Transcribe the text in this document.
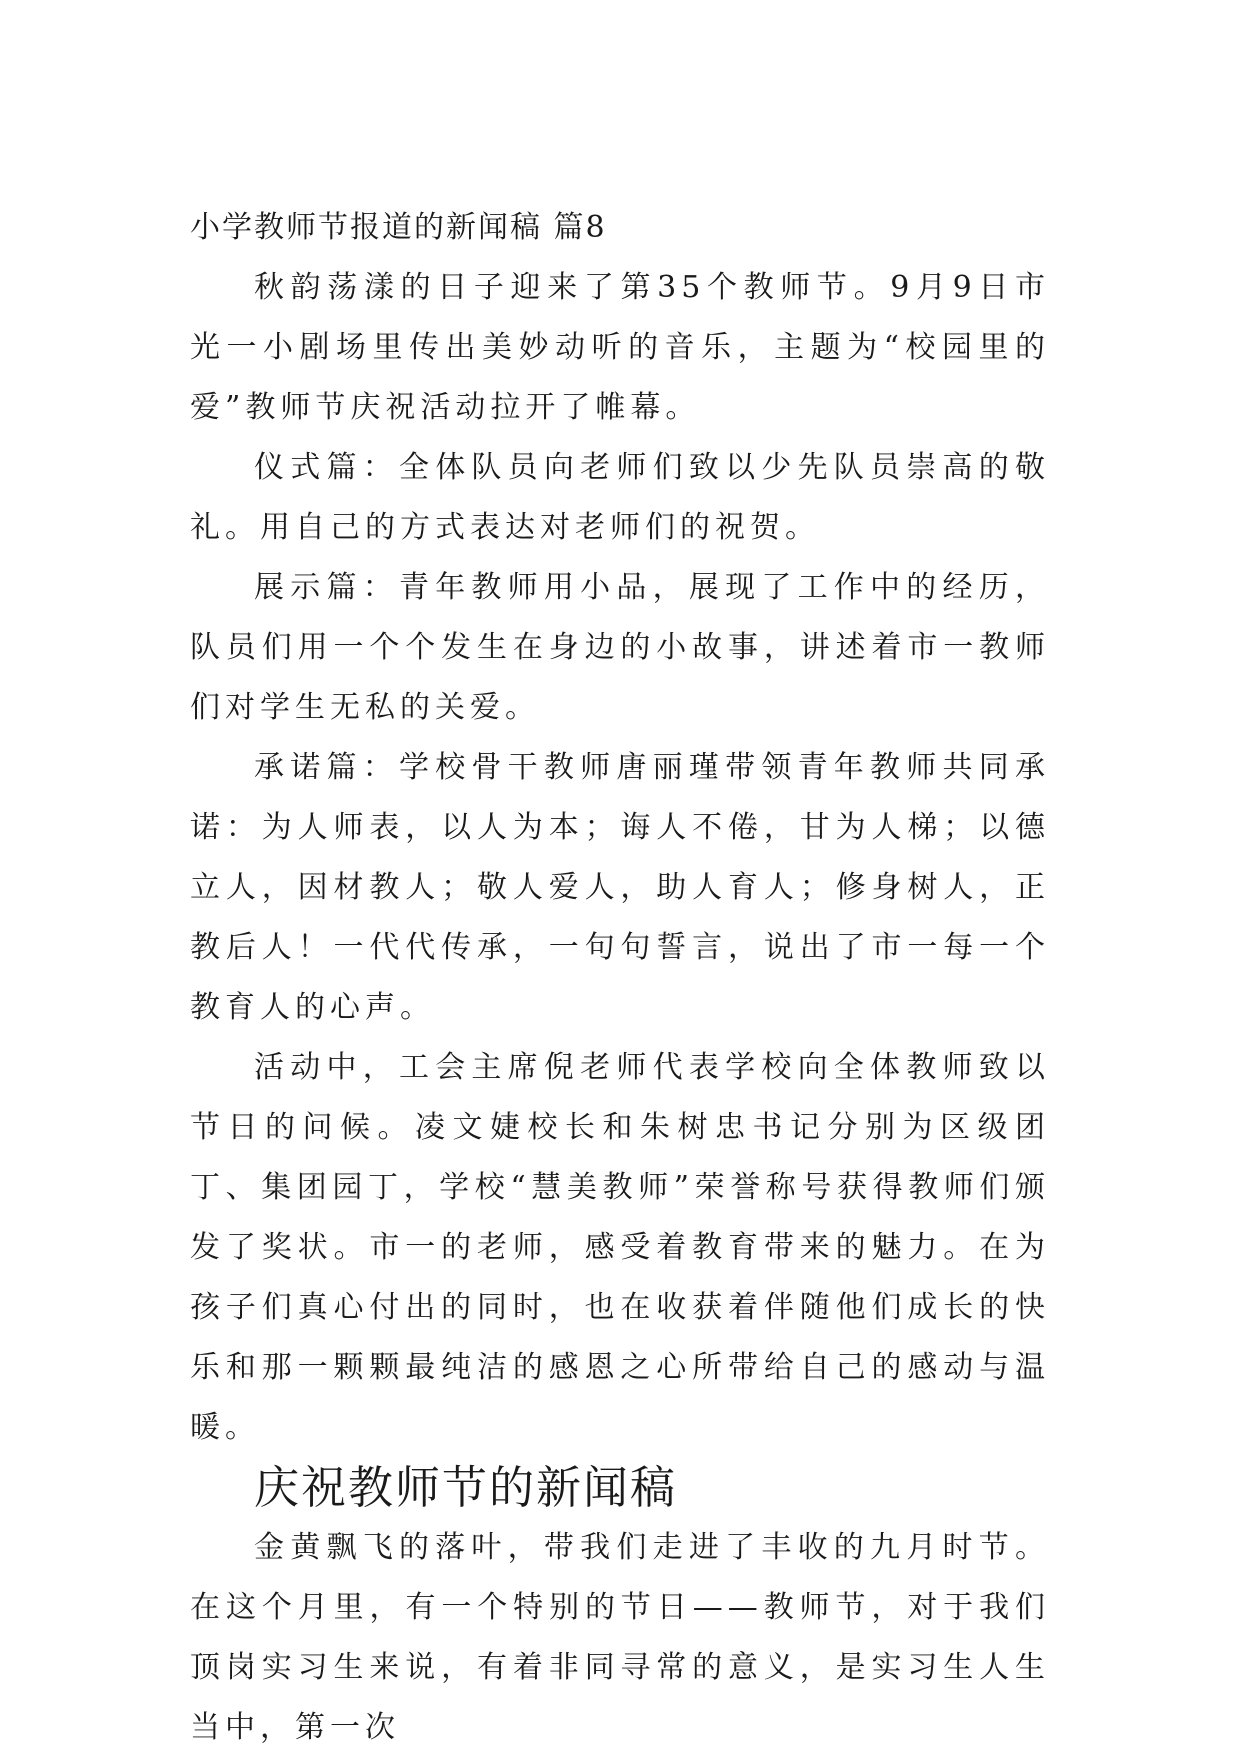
小学教师节报道的新闻稿 篇8

秋韵荡漾的日子迎来了第35个教师节。9月9日市光一小剧场里传出美妙动听的音乐，主题为“校园里的爱”教师节庆祝活动拉开了帷幕。

仪式篇：全体队员向老师们致以少先队员崇高的敬礼。用自己的方式表达对老师们的祝贺。

展示篇：青年教师用小品，展现了工作中的经历，队员们用一个个发生在身边的小故事，讲述着市一教师们对学生无私的关爱。

承诺篇：学校骨干教师唐丽瑾带领青年教师共同承诺：为人师表，以人为本；诲人不倦，甘为人梯；以德立人，因材教人；敬人爱人，助人育人；修身树人，正教后人！一代代传承，一句句誓言，说出了市一每一个教育人的心声。

活动中，工会主席倪老师代表学校向全体教师致以节日的问候。凌文婕校长和朱树忠书记分别为区级团丁、集团园丁，学校“慧美教师”荣誉称号获得教师们颁发了奖状。市一的老师，感受着教育带来的魅力。在为孩子们真心付出的同时，也在收获着伴随他们成长的快乐和那一颗颗最纯洁的感恩之心所带给自己的感动与温暖。

庆祝教师节的新闻稿

金黄飘飞的落叶，带我们走进了丰收的九月时节。在这个月里，有一个特别的节日——教师节，对于我们顶岗实习生来说，有着非同寻常的意义，是实习生人生当中，第一次
